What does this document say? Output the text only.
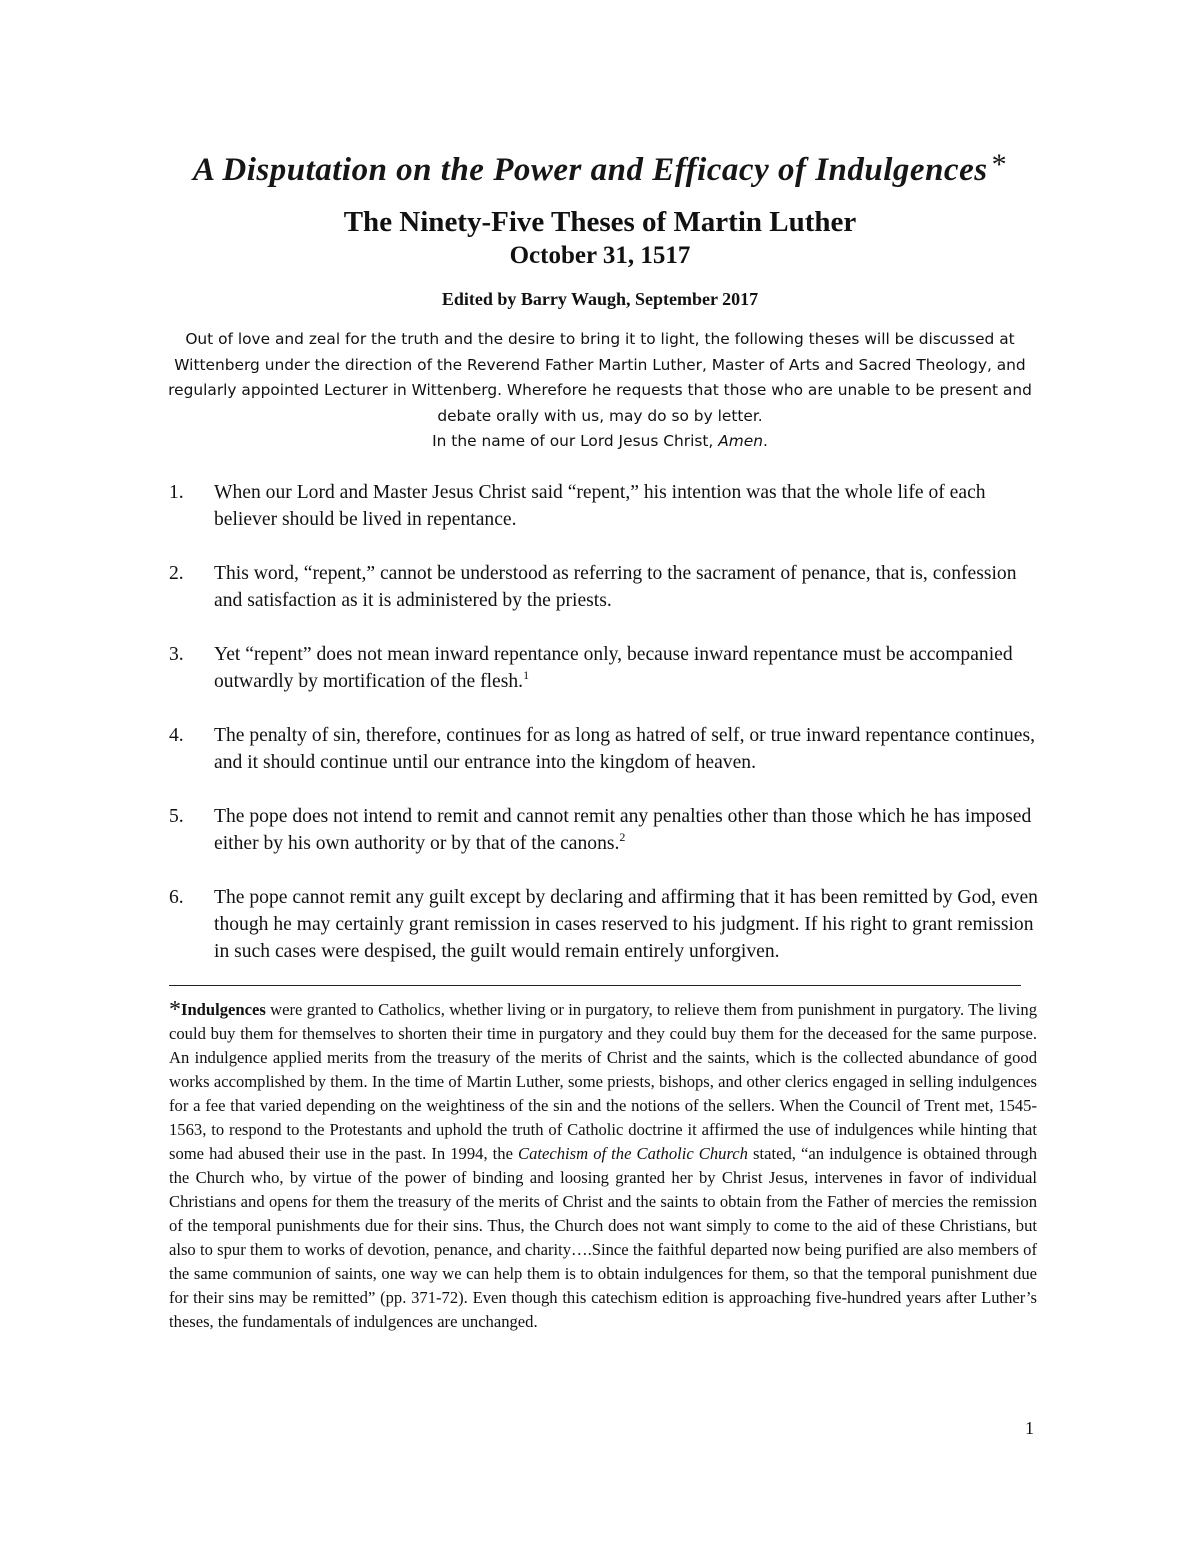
A Disputation on the Power and Efficacy of Indulgences *
The Ninety-Five Theses of Martin Luther
October 31, 1517
Edited by Barry Waugh, September 2017

Out of love and zeal for the truth and the desire to bring it to light, the following theses will be discussed at Wittenberg under the direction of the Reverend Father Martin Luther, Master of Arts and Sacred Theology, and regularly appointed Lecturer in Wittenberg. Wherefore he requests that those who are unable to be present and debate orally with us, may do so by letter.

In the name of our Lord Jesus Christ, Amen.

1. When our Lord and Master Jesus Christ said “repent,” his intention was that the whole life of each believer should be lived in repentance.
2. This word, “repent,” cannot be understood as referring to the sacrament of penance, that is, confession and satisfaction as it is administered by the priests.
3. Yet “repent” does not mean inward repentance only, because inward repentance must be accompanied outwardly by mortification of the flesh.$^1$
4. The penalty of sin, therefore, continues for as long as hatred of self, or true inward repentance continues, and it should continue until our entrance into the kingdom of heaven.
5. The pope does not intend to remit and cannot remit any penalties other than those which he has imposed either by his own authority or by that of the canons.$^2$
6. The pope cannot remit any guilt except by declaring and affirming that it has been remitted by God, even though he may certainly grant remission in cases reserved to his judgment. If his right to grant remission in such cases were despised, the guilt would remain entirely unforgiven.
*Indulgences were granted to Catholics, whether living or in purgatory, to relieve them from punishment in purgatory. The living could buy them for themselves to shorten their time in purgatory and they could buy them for the deceased for the same purpose. An indulgence applied merits from the treasury of the merits of Christ and the saints, which is the collected abundance of good works accomplished by them. In the time of Martin Luther, some priests, bishops, and other clerics engaged in selling indulgences for a fee that varied depending on the weightiness of the sin and the notions of the sellers. When the Council of Trent met, 1545-1563, to respond to the Protestants and uphold the truth of Catholic doctrine it affirmed the use of indulgences while hinting that some had abused their use in the past. In 1994, the Catechism of the Catholic Church stated, “an indulgence is obtained through the Church who, by virtue of the power of binding and loosing granted her by Christ Jesus, intervenes in favor of individual Christians and opens for them the treasury of the merits of Christ and the saints to obtain from the Father of mercies the remission of the temporal punishments due for their sins. Thus, the Church does not want simply to come to the aid of these Christians, but also to spur them to works of devotion, penance, and charity….Since the faithful departed now being purified are also members of the same communion of saints, one way we can help them is to obtain indulgences for them, so that the temporal punishment due for their sins may be remitted” (pp. 371-72). Even though this catechism edition is approaching five-hundred years after Luther’s theses, the fundamentals of indulgences are unchanged.
1
